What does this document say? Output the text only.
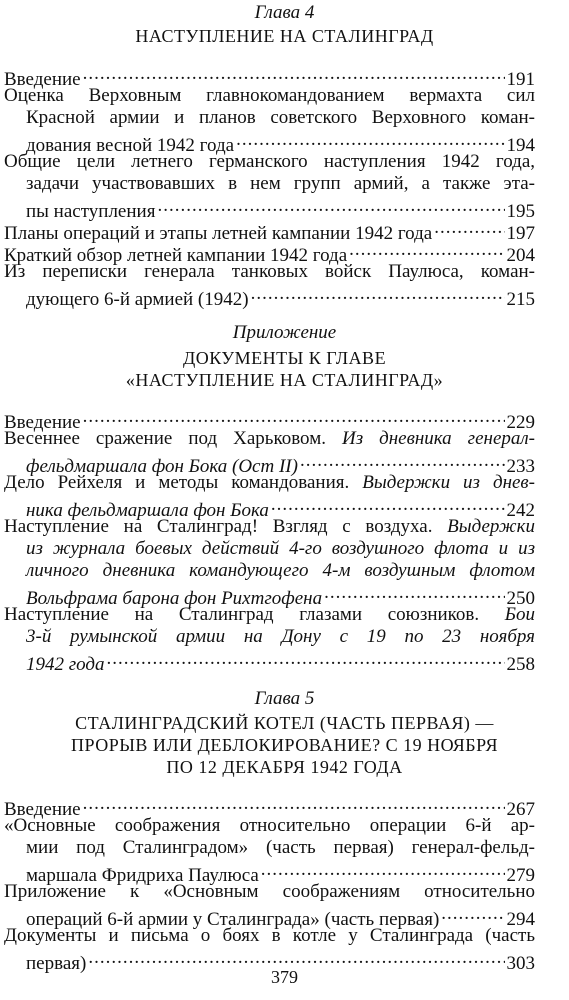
Глава 4
НАСТУПЛЕНИЕ НА СТАЛИНГРАД
Введение .....	191
Оценка Верховным главнокомандованием вермахта сил
Красной армии и планов советского Верховного коман-
дования весной 1942 года .....	194
Общие цели летнего германского наступления 1942 года,
задачи участвовавших в нем групп армий, а также эта-
пы наступления .....	195
Планы операций и этапы летней кампании 1942 года .....	197
Краткий обзор летней кампании 1942 года .....	204
Из переписки генерала танковых войск Паулюса, коман-
дующего 6-й армией (1942) .....	215
Приложение
ДОКУМЕНТЫ К ГЛАВЕ
«НАСТУПЛЕНИЕ НА СТАЛИНГРАД»
Введение .....	229
Весеннее сражение под Харьковом. Из дневника генерал-
фельдмаршала фон Бока (Ост II) .....	233
Дело Рейхеля и методы командования. Выдержки из днев-
ника фельдмаршала фон Бока .....	242
Наступление на Сталинград! Взгляд с воздуха. Выдержки
из журнала боевых действий 4-го воздушного флота и из
личного дневника командующего 4-м воздушным флотом
Вольфрама барона фон Рихтгофена .....	250
Наступление на Сталинград глазами союзников. Бои
3-й румынской армии на Дону с 19 по 23 ноября
1942 года .....	258
Глава 5
СТАЛИНГРАДСКИЙ КОТЕЛ (ЧАСТЬ ПЕРВАЯ) —
ПРОРЫВ ИЛИ ДЕБЛОКИРОВАНИЕ? С 19 НОЯБРЯ
ПО 12 ДЕКАБРЯ 1942 ГОДА
Введение .....	267
«Основные соображения относительно операции 6-й ар-
мии под Сталинградом» (часть первая) генерал-фельд-
маршала Фридриха Паулюса .....	279
Приложение к «Основным соображениям относительно
операций 6-й армии у Сталинграда» (часть первая) .....	294
Документы и письма о боях в котле у Сталинграда (часть
первая) .....	303
379
